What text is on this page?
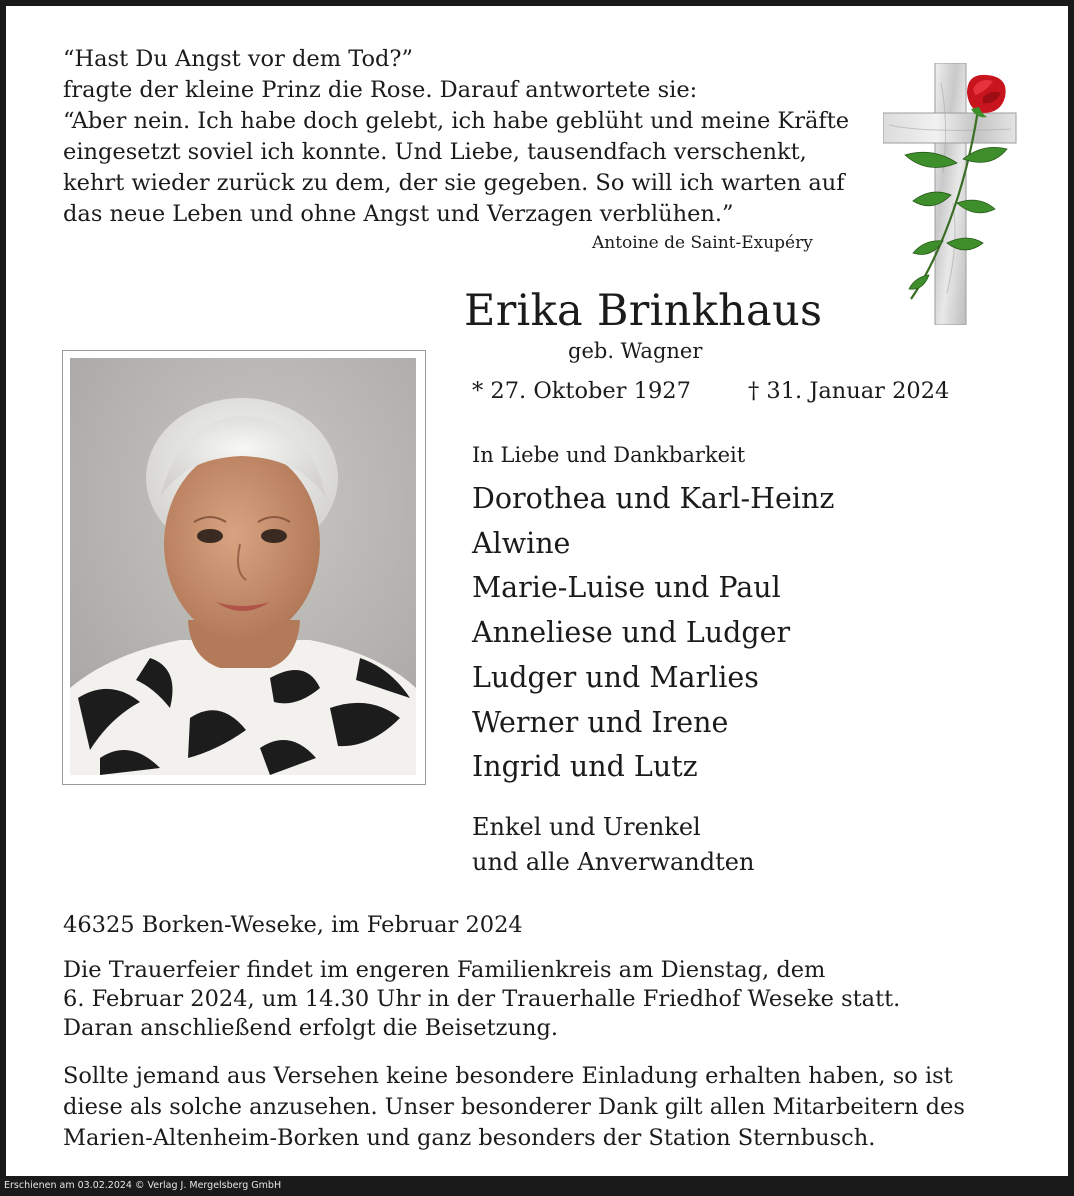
“Hast Du Angst vor dem Tod?”
fragte der kleine Prinz die Rose. Darauf antwortete sie:
“Aber nein. Ich habe doch gelebt, ich habe geblüht und meine Kräfte
eingesetzt soviel ich konnte. Und Liebe, tausendfach verschenkt,
kehrt wieder zurück zu dem, der sie gegeben. So will ich warten auf
das neue Leben und ohne Angst und Verzagen verblühen.”
Antoine de Saint-Exupéry
Erika Brinkhaus
geb. Wagner
* 27. Oktober 1927	† 31. Januar 2024
In Liebe und Dankbarkeit
Dorothea und Karl-Heinz
Alwine
Marie-Luise und Paul
Anneliese und Ludger
Ludger und Marlies
Werner und Irene
Ingrid und Lutz
Enkel und Urenkel
und alle Anverwandten
46325 Borken-Weseke, im Februar 2024
Die Trauerfeier findet im engeren Familienkreis am Dienstag, dem
6. Februar 2024, um 14.30 Uhr in der Trauerhalle Friedhof Weseke statt.
Daran anschließend erfolgt die Beisetzung.
Sollte jemand aus Versehen keine besondere Einladung erhalten haben, so ist
diese als solche anzusehen. Unser besonderer Dank gilt allen Mitarbeitern des
Marien-Altenheim-Borken und ganz besonders der Station Sternbusch.
Erschienen am 03.02.2024 © Verlag J. Mergelsberg GmbH
